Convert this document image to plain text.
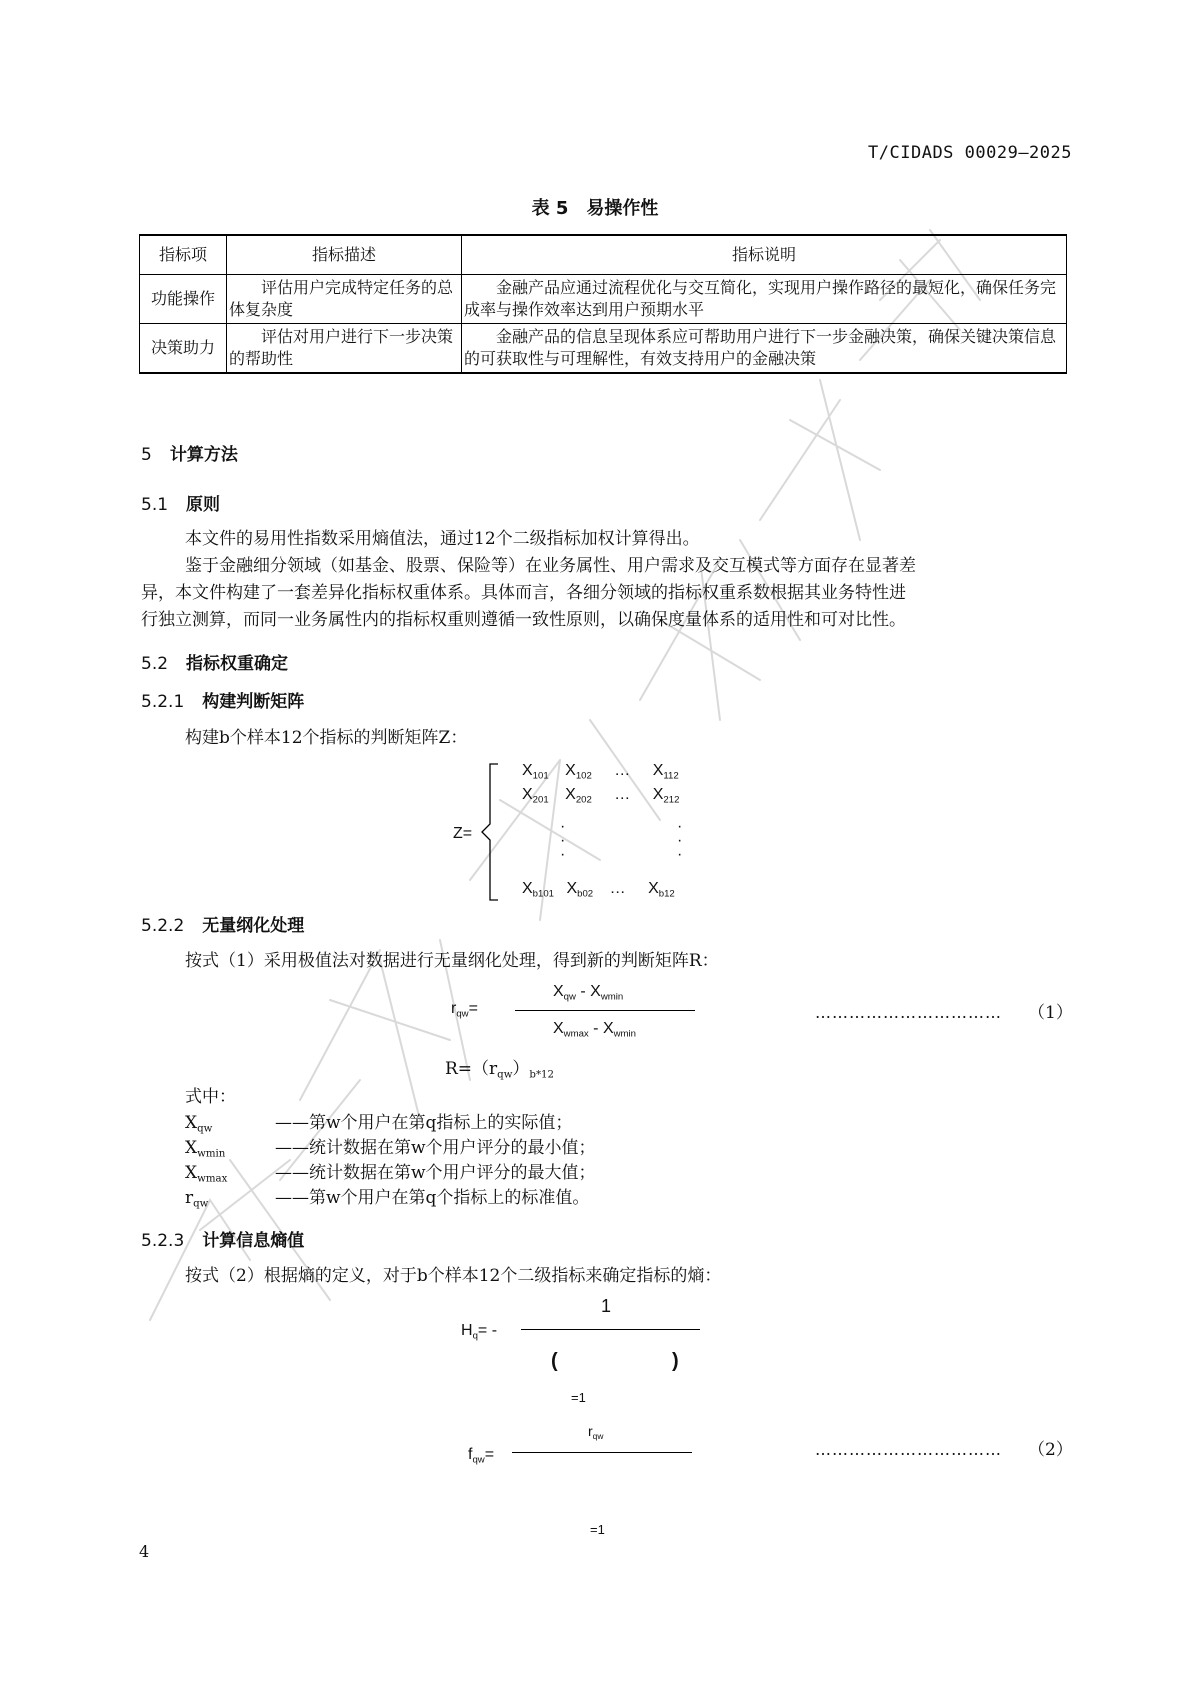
T/CIDADS 00029—2025
表 5　易操作性
指标项	指标描述	指标说明
功能操作	评估用户完成特定任务的总体复杂度	金融产品应通过流程优化与交互简化，实现用户操作路径的最短化，确保任务完成率与操作效率达到用户预期水平
决策助力	评估对用户进行下一步决策的帮助性	金融产品的信息呈现体系应可帮助用户进行下一步金融决策，确保关键决策信息的可获取性与可理解性，有效支持用户的金融决策
5 计算方法
5.1 原则
本文件的易用性指数采用熵值法，通过12个二级指标加权计算得出。
鉴于金融细分领域（如基金、股票、保险等）在业务属性、用户需求及交互模式等方面存在显著差
异，本文件构建了一套差异化指标权重体系。具体而言，各细分领域的指标权重系数根据其业务特性进
行独立测算，而同一业务属性内的指标权重则遵循一致性原则，以确保度量体系的适用性和可对比性。
5.2 指标权重确定
5.2.1 构建判断矩阵
构建b个样本12个指标的判断矩阵Z：
Z=
$X_{101}$ $X_{102}$ … $X_{112}$
$X_{201}$ $X_{202}$ … $X_{212}$
·
·
·
·
·
·
$X_{b101}$ $X_{b02}$ … $X_{b12}$
5.2.2 无量纲化处理
按式（1）采用极值法对数据进行无量纲化处理，得到新的判断矩阵R：
$r_{qw}=$
$X_{qw} - X_{wmin}$
$X_{wmax} - X_{wmin}$
…………………………… （1）
$R=(r_{qw})_{b*12}$
式中：
$X_{qw}$	——第w个用户在第q指标上的实际值；
$X_{wmin}$	——统计数据在第w个用户评分的最小值；
$X_{wmax}$	——统计数据在第w个用户评分的最大值；
$r_{qw}$	——第w个用户在第q个指标上的标准值。
5.2.3 计算信息熵值
按式（2）根据熵的定义，对于b个样本12个二级指标来确定指标的熵：
$H_q=$ -
1
(	)
=1
$f_{qw}=$
$r_{qw}$
…………………………… （2）
=1
4
